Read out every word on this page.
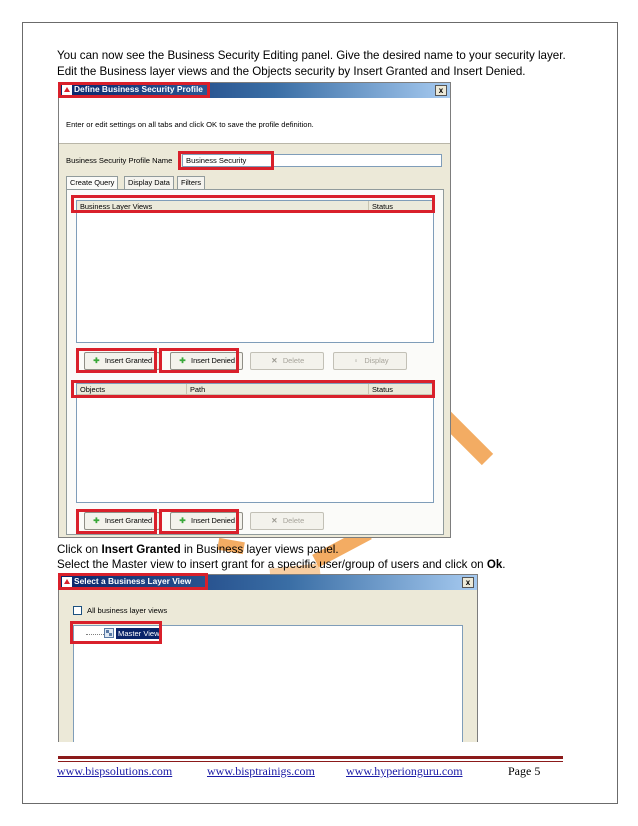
You can now see the Business Security Editing panel. Give the desired name to your security layer.
Edit the Business layer views and the Objects security by Insert Granted and Insert Denied.
Define Business Security Profile	x
Enter or edit settings on all tabs and click OK to save the profile definition.
Business Security Profile Name	Business Security
Create Query	Display Data	Filters
Business Layer Views	Status
✚ Insert Granted	✚ Insert Denied	✕ Delete	▫ Display
Objects	Path	Status
✚ Insert Granted	✚ Insert Denied	✕ Delete
Click on Insert Granted in Business layer views panel.
Select the Master view to insert grant for a specific user/group of users and click on Ok.
Select a Business Layer View	x
All business layer views
Master View
www.bispsolutions.com	www.bisptrainigs.com	www.hyperionguru.com	Page 5
